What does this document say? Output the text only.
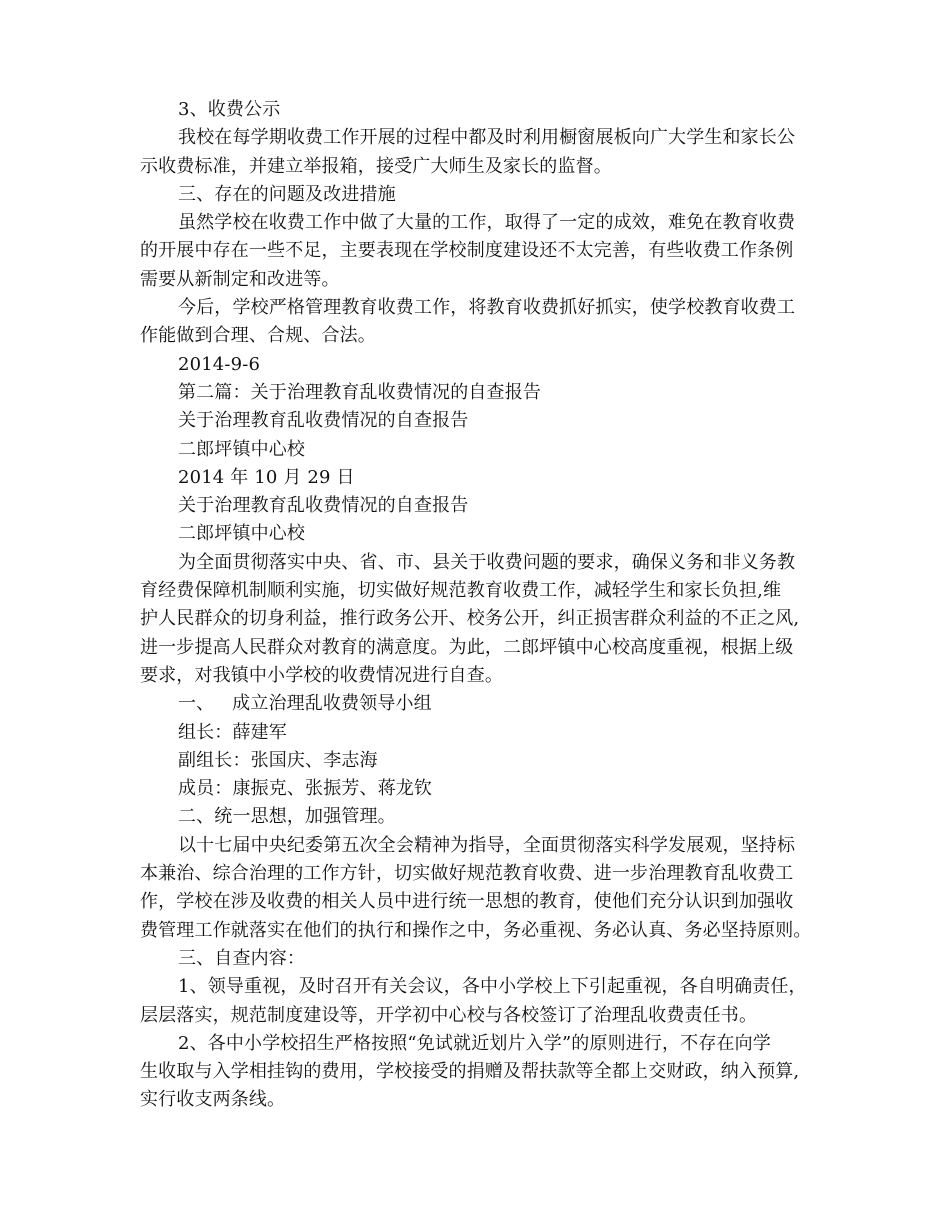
3、收费公示
我校在每学期收费工作开展的过程中都及时利用橱窗展板向广大学生和家长公
示收费标准，并建立举报箱，接受广大师生及家长的监督。
三、存在的问题及改进措施
虽然学校在收费工作中做了大量的工作，取得了一定的成效，难免在教育收费
的开展中存在一些不足，主要表现在学校制度建设还不太完善，有些收费工作条例
需要从新制定和改进等。
今后，学校严格管理教育收费工作，将教育收费抓好抓实，使学校教育收费工
作能做到合理、合规、合法。
2014-9-6
第二篇：关于治理教育乱收费情况的自查报告
关于治理教育乱收费情况的自查报告
二郎坪镇中心校
2014 年 10 月 29 日
关于治理教育乱收费情况的自查报告
二郎坪镇中心校
为全面贯彻落实中央、省、市、县关于收费问题的要求，确保义务和非义务教
育经费保障机制顺利实施，切实做好规范教育收费工作，减轻学生和家长负担,维
护人民群众的切身利益，推行政务公开、校务公开，纠正损害群众利益的不正之风,
进一步提高人民群众对教育的满意度。为此，二郎坪镇中心校高度重视，根据上级
要求，对我镇中小学校的收费情况进行自查。
一、 成立治理乱收费领导小组
组长：薛建军
副组长：张国庆、李志海
成员：康振克、张振芳、蒋龙钦
二、统一思想，加强管理。
以十七届中央纪委第五次全会精神为指导，全面贯彻落实科学发展观，坚持标
本兼治、综合治理的工作方针，切实做好规范教育收费、进一步治理教育乱收费工
作，学校在涉及收费的相关人员中进行统一思想的教育，使他们充分认识到加强收
费管理工作就落实在他们的执行和操作之中，务必重视、务必认真、务必坚持原则。
三、自查内容：
1、领导重视，及时召开有关会议，各中小学校上下引起重视，各自明确责任，
层层落实，规范制度建设等，开学初中心校与各校签订了治理乱收费责任书。
2、各中小学校招生严格按照“免试就近划片入学”的原则进行，不存在向学
生收取与入学相挂钩的费用，学校接受的捐赠及帮扶款等全都上交财政，纳入预算,
实行收支两条线。
